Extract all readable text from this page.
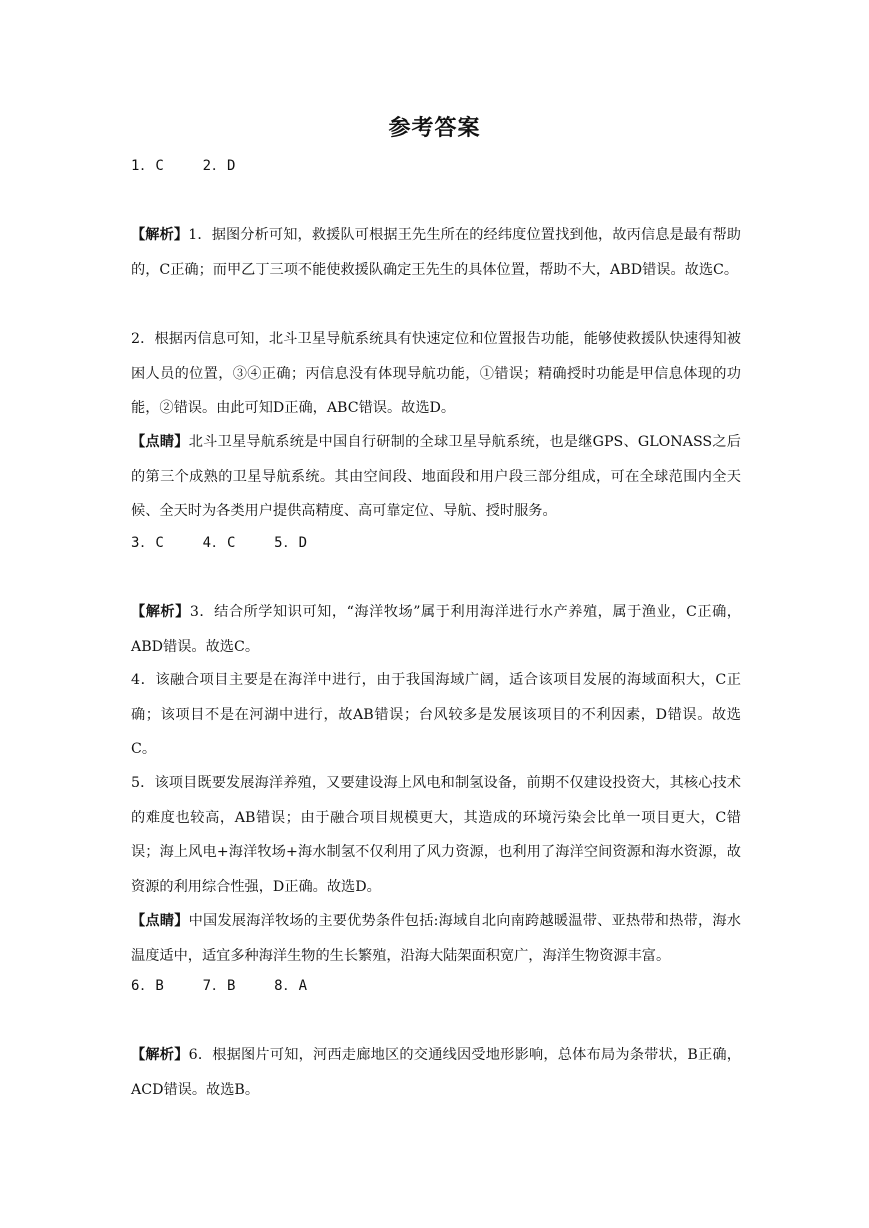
参考答案
1．C    2．D
【解析】1．据图分析可知，救援队可根据王先生所在的经纬度位置找到他，故丙信息是最有帮助的，C正确；而甲乙丁三项不能使救援队确定王先生的具体位置，帮助不大，ABD错误。故选C。
2．根据丙信息可知，北斗卫星导航系统具有快速定位和位置报告功能，能够使救援队快速得知被困人员的位置，③④正确；丙信息没有体现导航功能，①错误；精确授时功能是甲信息体现的功能，②错误。由此可知D正确，ABC错误。故选D。
【点睛】北斗卫星导航系统是中国自行研制的全球卫星导航系统，也是继GPS、GLONASS之后的第三个成熟的卫星导航系统。其由空间段、地面段和用户段三部分组成，可在全球范围内全天候、全天时为各类用户提供高精度、高可靠定位、导航、授时服务。
3．C    4．C    5．D
【解析】3．结合所学知识可知，“海洋牧场”属于利用海洋进行水产养殖，属于渔业，C正确，ABD错误。故选C。
4．该融合项目主要是在海洋中进行，由于我国海域广阔，适合该项目发展的海域面积大，C正确；该项目不是在河湖中进行，故AB错误；台风较多是发展该项目的不利因素，D错误。故选C。
5．该项目既要发展海洋养殖，又要建设海上风电和制氢设备，前期不仅建设投资大，其核心技术的难度也较高，AB错误；由于融合项目规模更大，其造成的环境污染会比单一项目更大，C错误；海上风电+海洋牧场+海水制氢不仅利用了风力资源，也利用了海洋空间资源和海水资源，故资源的利用综合性强，D正确。故选D。
【点睛】中国发展海洋牧场的主要优势条件包括:海域自北向南跨越暖温带、亚热带和热带，海水温度适中，适宜多种海洋生物的生长繁殖，沿海大陆架面积宽广，海洋生物资源丰富。
6．B    7．B    8．A
【解析】6．根据图片可知，河西走廊地区的交通线因受地形影响，总体布局为条带状，B正确，ACD错误。故选B。
